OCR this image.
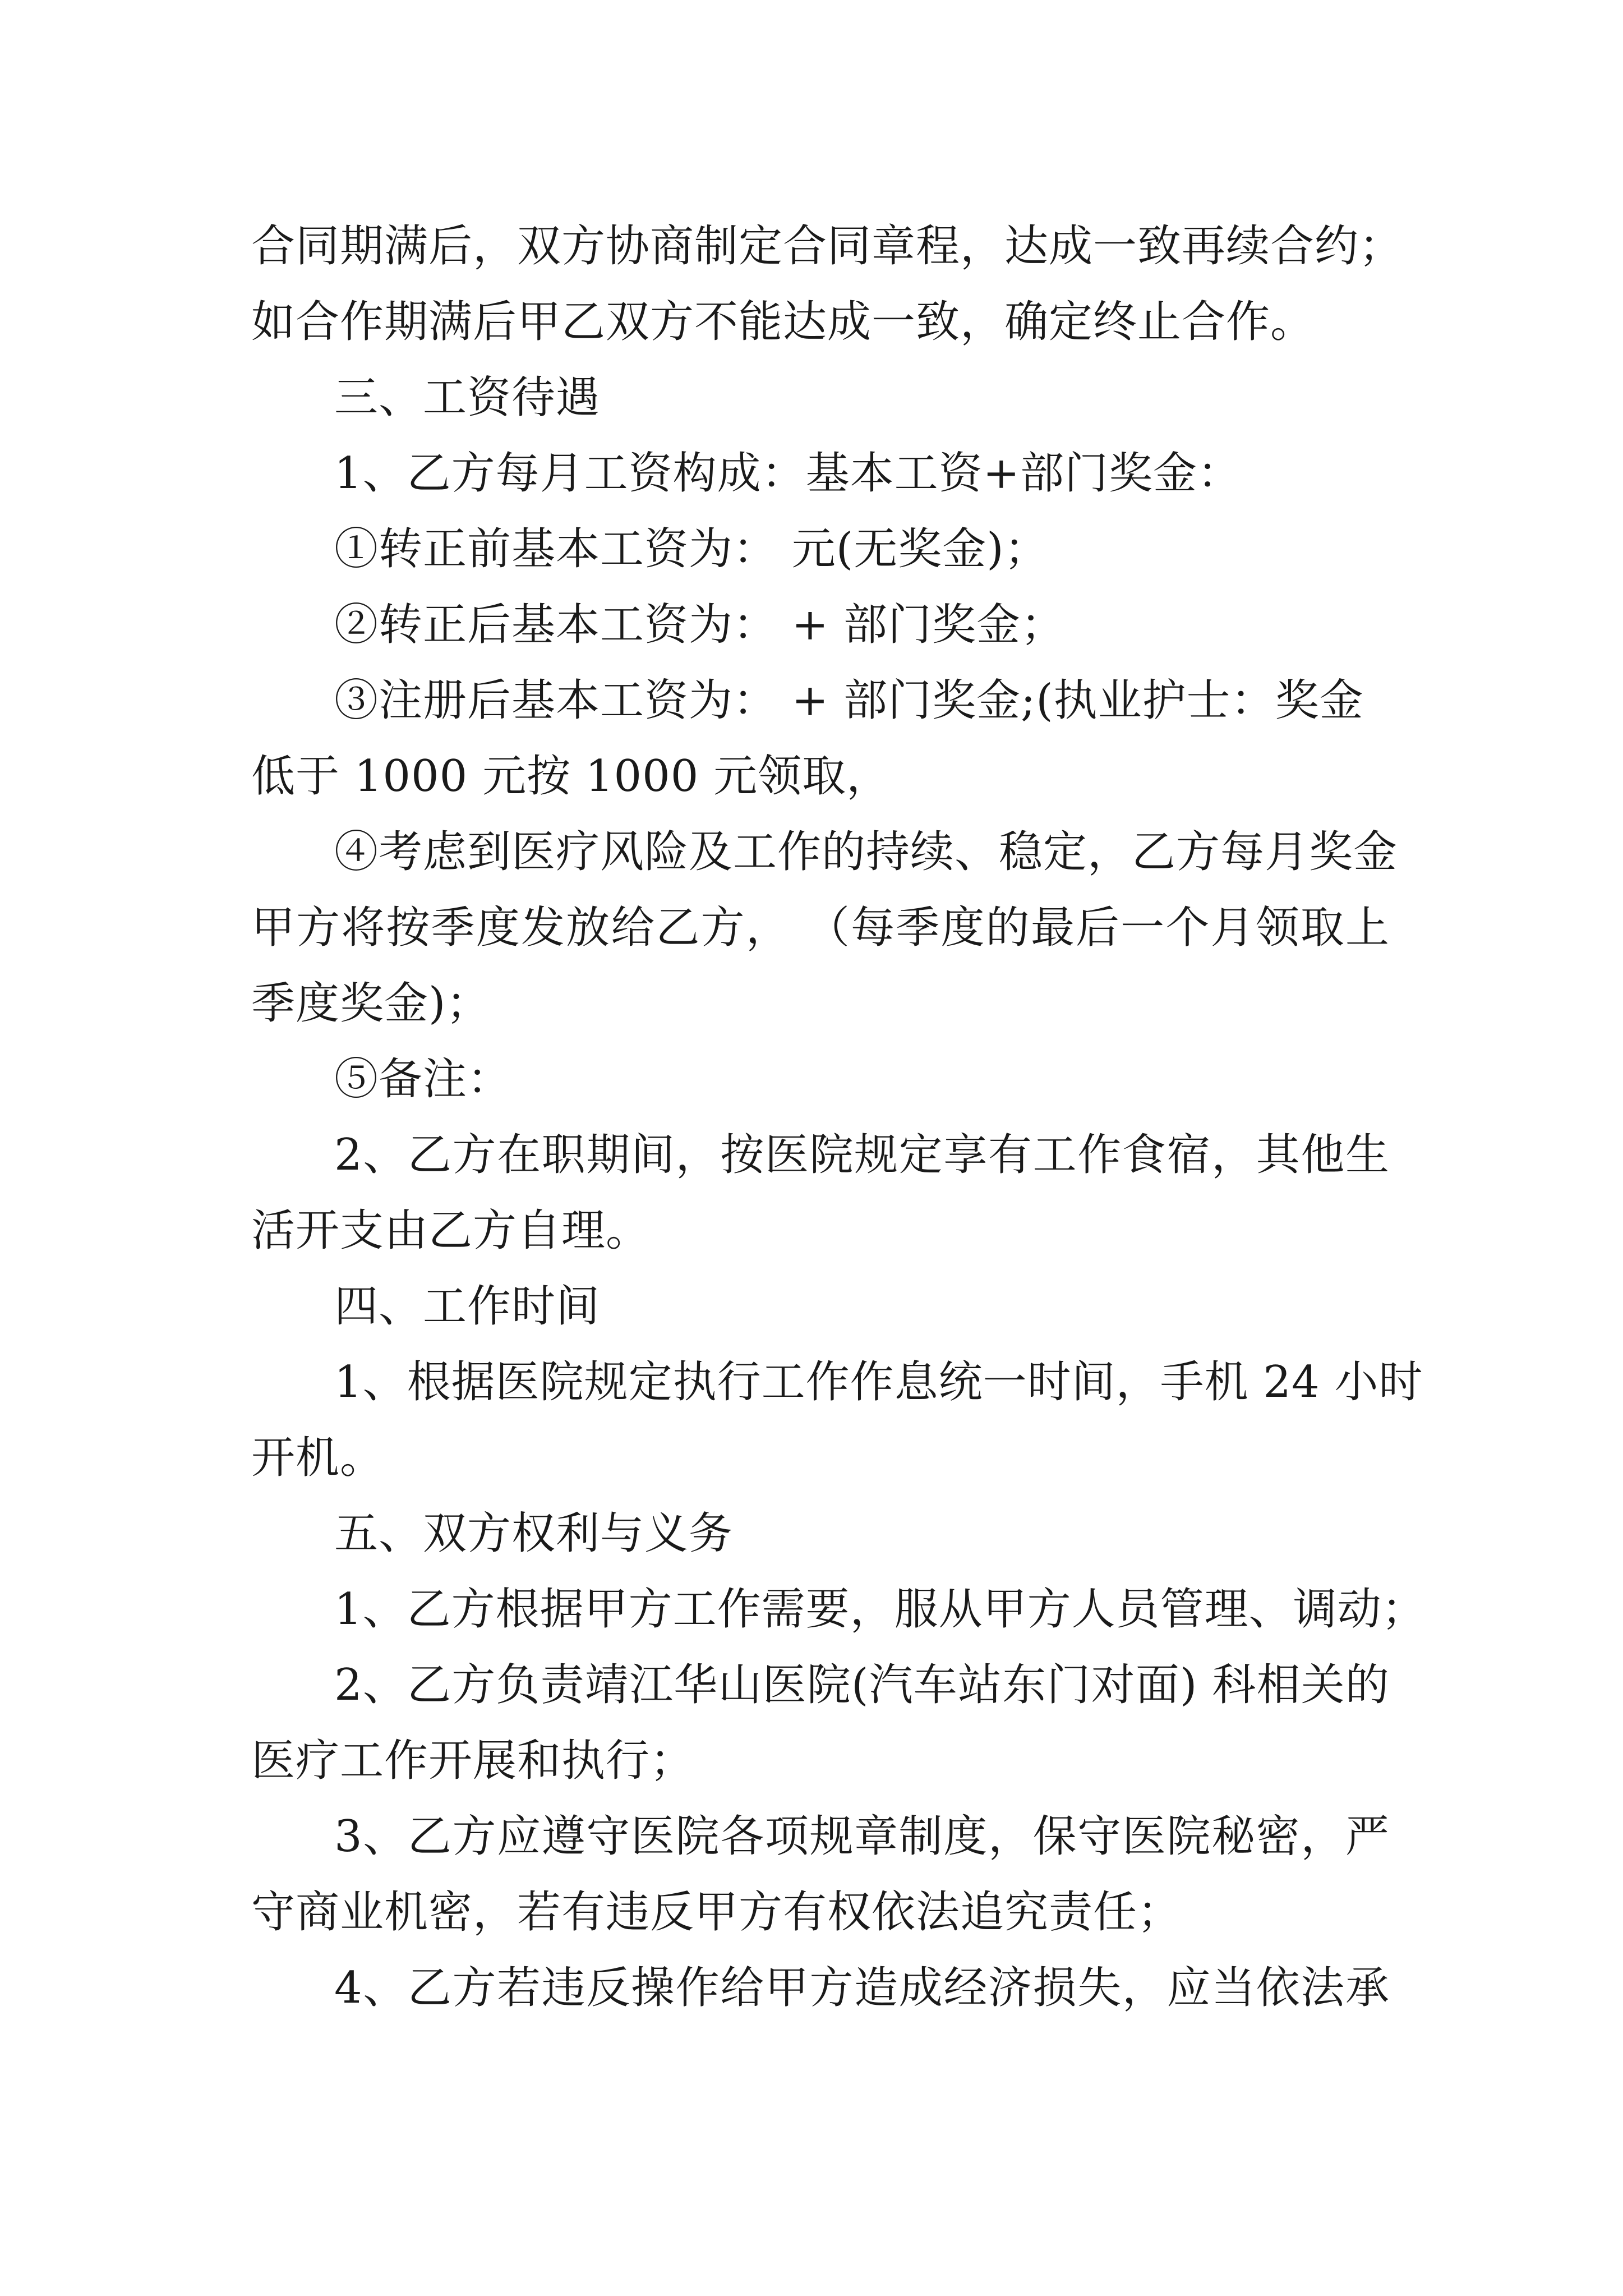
合同期满后，双方协商制定合同章程，达成一致再续合约；
如合作期满后甲乙双方不能达成一致，确定终止合作。
三、工资待遇
1、乙方每月工资构成：基本工资+部门奖金：
①转正前基本工资为： 元(无奖金)；
②转正后基本工资为： + 部门奖金；
③注册后基本工资为： + 部门奖金;(执业护士：奖金
低于 1000 元按 1000 元领取，
④考虑到医疗风险及工作的持续、稳定，乙方每月奖金
甲方将按季度发放给乙方， （每季度的最后一个月领取上
季度奖金)；
⑤备注：
2、乙方在职期间，按医院规定享有工作食宿，其他生
活开支由乙方自理。
四、工作时间
1、根据医院规定执行工作作息统一时间，手机 24 小时
开机。
五、双方权利与义务
1、乙方根据甲方工作需要，服从甲方人员管理、调动；
2、乙方负责靖江华山医院(汽车站东门对面) 科相关的
医疗工作开展和执行；
3、乙方应遵守医院各项规章制度，保守医院秘密，严
守商业机密，若有违反甲方有权依法追究责任；
4、乙方若违反操作给甲方造成经济损失，应当依法承
